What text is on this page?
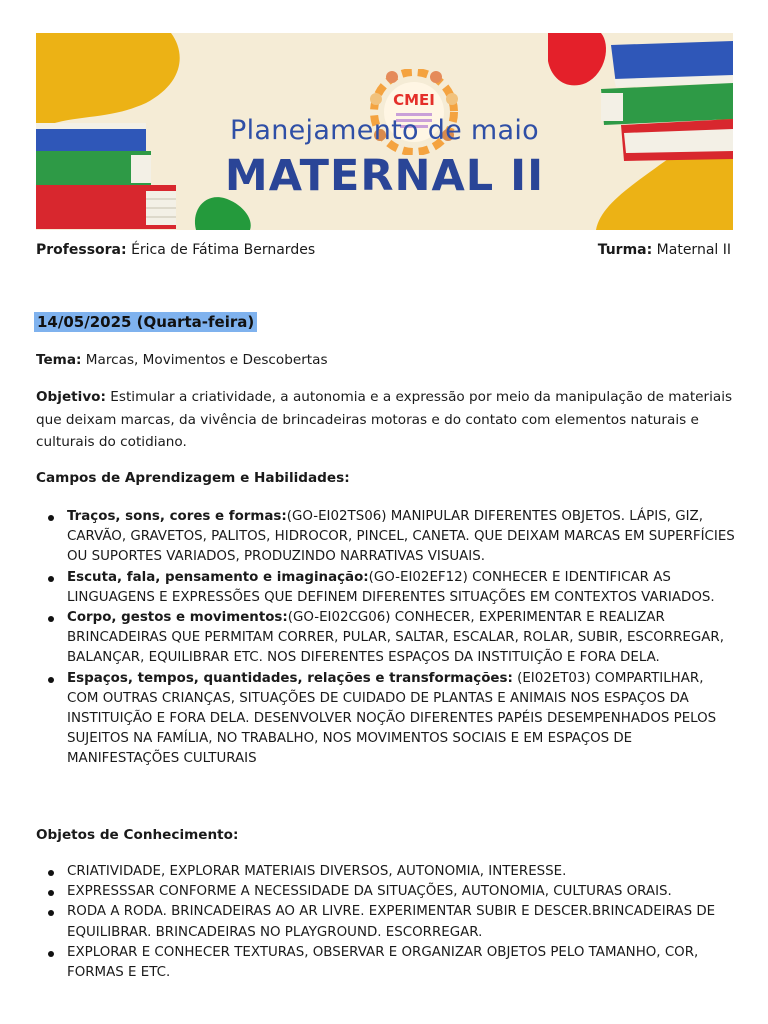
CMEI
Planejamento de maio
MATERNAL II
Professora: Érica de Fátima Bernardes	Turma: Maternal II
14/05/2025 (Quarta-feira)

Tema: Marcas, Movimentos e Descobertas

Objetivo: Estimular a criatividade, a autonomia e a expressão por meio da manipulação de materiais que deixam marcas, da vivência de brincadeiras motoras e do contato com elementos naturais e culturais do cotidiano.

Campos de Aprendizagem e Habilidades:

Traços, sons, cores e formas:(GO-EI02TS06) MANIPULAR DIFERENTES OBJETOS. LÁPIS, GIZ, CARVÃO, GRAVETOS, PALITOS, HIDROCOR, PINCEL, CANETA. QUE DEIXAM MARCAS EM SUPERFÍCIES OU SUPORTES VARIADOS, PRODUZINDO NARRATIVAS VISUAIS.
Escuta, fala, pensamento e imaginação:(GO-EI02EF12) CONHECER E IDENTIFICAR AS LINGUAGENS E EXPRESSÕES QUE DEFINEM DIFERENTES SITUAÇÕES EM CONTEXTOS VARIADOS.
Corpo, gestos e movimentos:(GO-EI02CG06) CONHECER, EXPERIMENTAR E REALIZAR BRINCADEIRAS QUE PERMITAM CORRER, PULAR, SALTAR, ESCALAR, ROLAR, SUBIR, ESCORREGAR, BALANÇAR, EQUILIBRAR ETC. NOS DIFERENTES ESPAÇOS DA INSTITUIÇÃO E FORA DELA.
Espaços, tempos, quantidades, relações e transformações: (EI02ET03) COMPARTILHAR, COM OUTRAS CRIANÇAS, SITUAÇÕES DE CUIDADO DE PLANTAS E ANIMAIS NOS ESPAÇOS DA INSTITUIÇÃO E FORA DELA. DESENVOLVER NOÇÃO DIFERENTES PAPÉIS DESEMPENHADOS PELOS SUJEITOS NA FAMÍLIA, NO TRABALHO, NOS MOVIMENTOS SOCIAIS E EM ESPAÇOS DE MANIFESTAÇÕES CULTURAIS

Objetos de Conhecimento:

CRIATIVIDADE, EXPLORAR MATERIAIS DIVERSOS, AUTONOMIA, INTERESSE.
EXPRESSSAR CONFORME A NECESSIDADE DA SITUAÇÕES, AUTONOMIA, CULTURAS ORAIS.
RODA A RODA. BRINCADEIRAS AO AR LIVRE. EXPERIMENTAR SUBIR E DESCER.BRINCADEIRAS DE EQUILIBRAR. BRINCADEIRAS NO PLAYGROUND. ESCORREGAR.
EXPLORAR E CONHECER TEXTURAS, OBSERVAR E ORGANIZAR OBJETOS PELO TAMANHO, COR, FORMAS E ETC.
